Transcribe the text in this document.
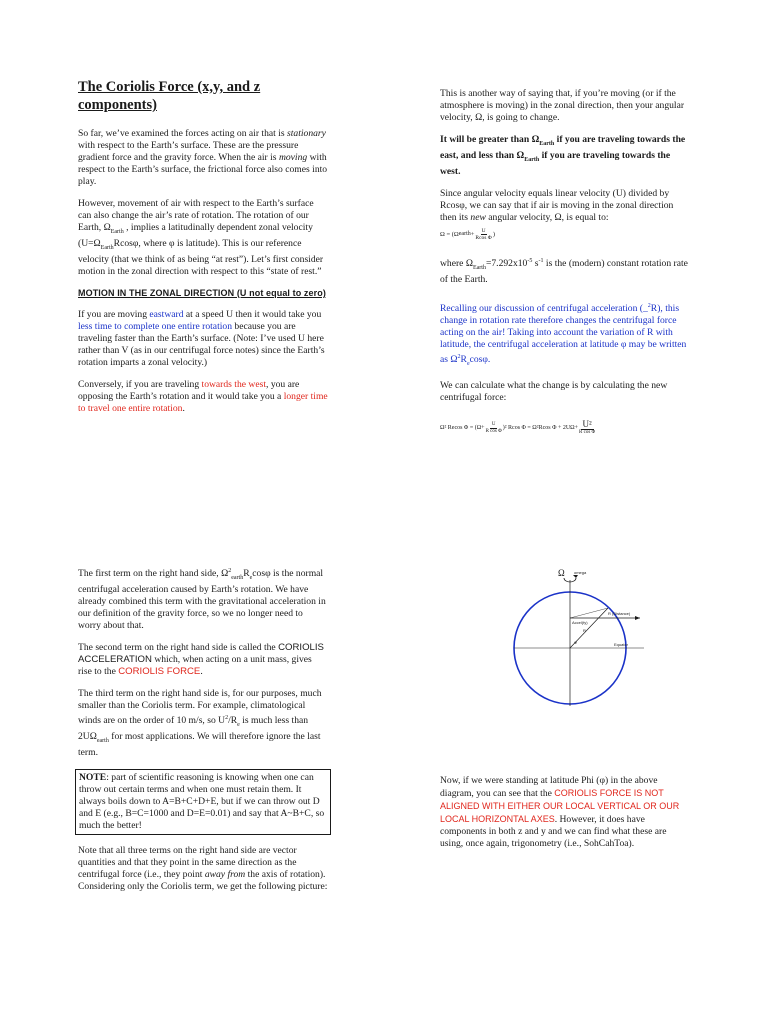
The Coriolis Force (x,y, and z components)

So far, we’ve examined the forces acting on air that is stationary with respect to the Earth’s surface. These are the pressure gradient force and the gravity force. When the air is moving with respect to the Earth’s surface, the frictional force also comes into play.

However, movement of air with respect to the Earth’s surface can also change the air’s rate of rotation. The rotation of our Earth, $\Omega_{Earth}$ , implies a latitudinally dependent zonal velocity ($U=\Omega_{Earth}Rcos\varphi$, where φ is latitude). This is our reference velocity (that we think of as being “at rest”). Let’s first consider motion in the zonal direction with respect to this “state of rest.”

MOTION IN THE ZONAL DIRECTION (U not equal to zero)

If you are moving eastward at a speed U then it would take you less time to complete one entire rotation because you are traveling faster than the Earth’s surface. (Note: I’ve used U here rather than V (as in our centrifugal force notes) since the Earth’s rotation imparts a zonal velocity.)

Conversely, if you are traveling towards the west, you are opposing the Earth’s rotation and it would take you a longer time to travel one entire rotation.

The first term on the right hand side, $\Omega^2_{earth}R_e\cos\varphi$ is the normal centrifugal acceleration caused by Earth’s rotation. We have already combined this term with the gravitational acceleration in our definition of the gravity force, so we no longer need to worry about that.

The second term on the right hand side is called the CORIOLIS ACCELERATION which, when acting on a unit mass, gives rise to the CORIOLIS FORCE.

The third term on the right hand side is, for our purposes, much smaller than the Coriolis term. For example, climatological winds are on the order of 10 m/s, so $U^2/R_e$ is much less than $2U\Omega_{earth}$ for most applications. We will therefore ignore the last term.

NOTE: part of scientific reasoning is knowing when one can throw out certain terms and when one must retain them. It always boils down to A=B+C+D+E, but if we can throw out D and E (e.g., B=C=1000 and D=E=0.01) and say that A~B+C, so much the better!

Note that all three terms on the right hand side are vector quantities and that they point in the same direction as the centrifugal force (i.e., they point away from the axis of rotation). Considering only the Coriolis term, we get the following picture:

This is another way of saying that, if you’re moving (or if the atmosphere is moving) in the zonal direction, then your angular velocity, Ω, is going to change.

It will be greater than $\Omega_{Earth}$ if you are traveling towards the east, and less than $\Omega_{Earth}$ if you are traveling towards the west.

Since angular velocity equals linear velocity (U) divided by Rcosφ, we can say that if air is moving in the zonal direction then its new angular velocity, Ω, is equal to:

Ω = (Ω earth + $\frac{U}{\text{Rcos Φ}}$ )

where $\Omega_{Earth}=7.292x10^{-5}$ $s^{-1}$ is the (modern) constant rotation rate of the Earth.

Recalling our discussion of centrifugal acceleration (_$^2$R), this change in rotation rate therefore changes the centrifugal force acting on the air! Taking into account the variation of R with latitude, the centrifugal acceleration at latitude φ may be written as $\Omega^2R_e\cos\varphi$.

We can calculate what the change is by calculating the new centrifugal force:

Ω² R e $\cos \Phi = (\Omega + \frac{U}{\text{R cos Φ}} )^2$ R cos Φ = Ω² R cos Φ + 2UΩ + U²
R cos Φ
Ω omega
Accel(fy)
R (Distance)
R
Φ	Equator

Now, if we were standing at latitude Phi (φ) in the above diagram, you can see that the CORIOLIS FORCE IS NOT ALIGNED WITH EITHER OUR LOCAL VERTICAL OR OUR LOCAL HORIZONTAL AXES. However, it does have components in both z and y and we can find what these are using, once again, trigonometry (i.e., SohCahToa).
